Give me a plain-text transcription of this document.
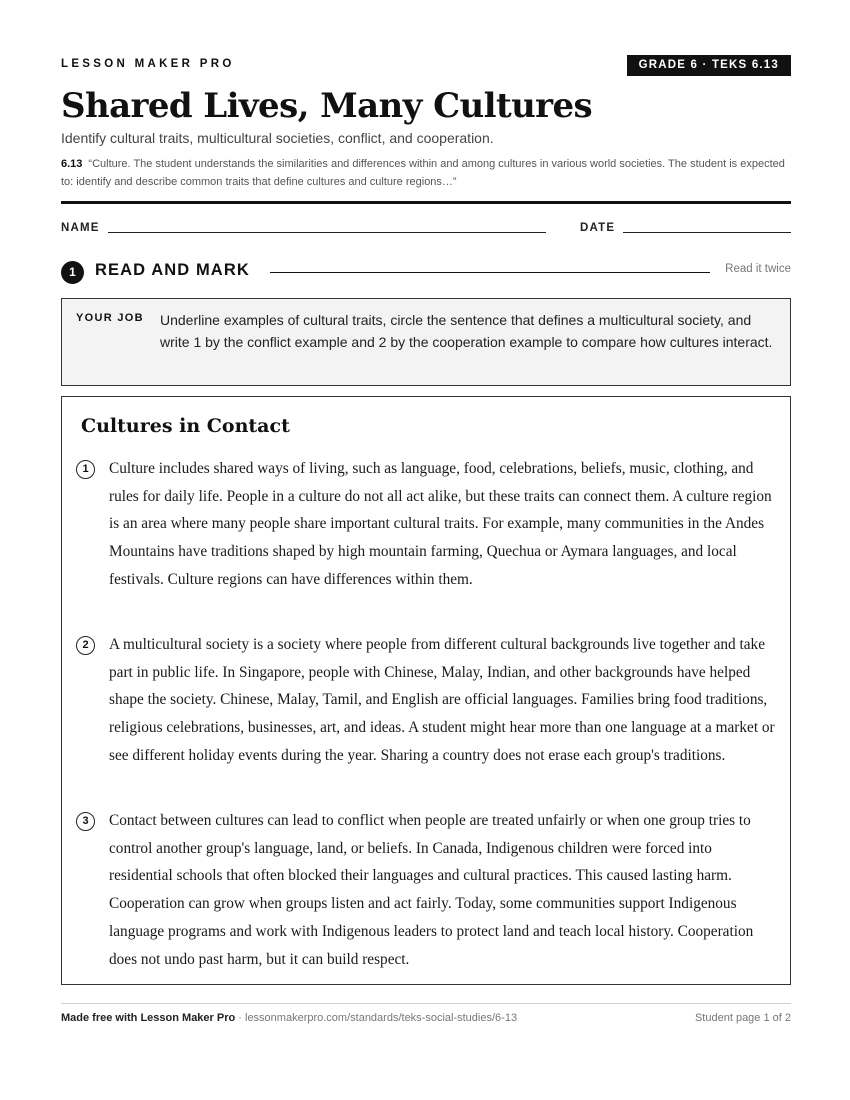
LESSON MAKER PRO	GRADE 6 · TEKS 6.13
Shared Lives, Many Cultures
Identify cultural traits, multicultural societies, conflict, and cooperation.
6.13 “Culture. The student understands the similarities and differences within and among cultures in various world societies. The student is expected to: identify and describe common traits that define cultures and culture regions…”
NAME	DATE
1	READ AND MARK	Read it twice
YOUR JOB Underline examples of cultural traits, circle the sentence that defines a multicultural society, and write 1 by the conflict example and 2 by the cooperation example to compare how cultures interact.
Cultures in Contact
1	Culture includes shared ways of living, such as language, food, celebrations, beliefs, music, clothing, and rules for daily life. People in a culture do not all act alike, but these traits can connect them. A culture region is an area where many people share important cultural traits. For example, many communities in the Andes Mountains have traditions shaped by high mountain farming, Quechua or Aymara languages, and local festivals. Culture regions can have differences within them.
2	A multicultural society is a society where people from different cultural backgrounds live together and take part in public life. In Singapore, people with Chinese, Malay, Indian, and other backgrounds have helped shape the society. Chinese, Malay, Tamil, and English are official languages. Families bring food traditions, religious celebrations, businesses, art, and ideas. A student might hear more than one language at a market or see different holiday events during the year. Sharing a country does not erase each group's traditions.
3	Contact between cultures can lead to conflict when people are treated unfairly or when one group tries to control another group's language, land, or beliefs. In Canada, Indigenous children were forced into residential schools that often blocked their languages and cultural practices. This caused lasting harm. Cooperation can grow when groups listen and act fairly. Today, some communities support Indigenous language programs and work with Indigenous leaders to protect land and teach local history. Cooperation does not undo past harm, but it can build respect.
Made free with Lesson Maker Pro · lessonmakerpro.com/standards/teks-social-studies/6-13	Student page 1 of 2
